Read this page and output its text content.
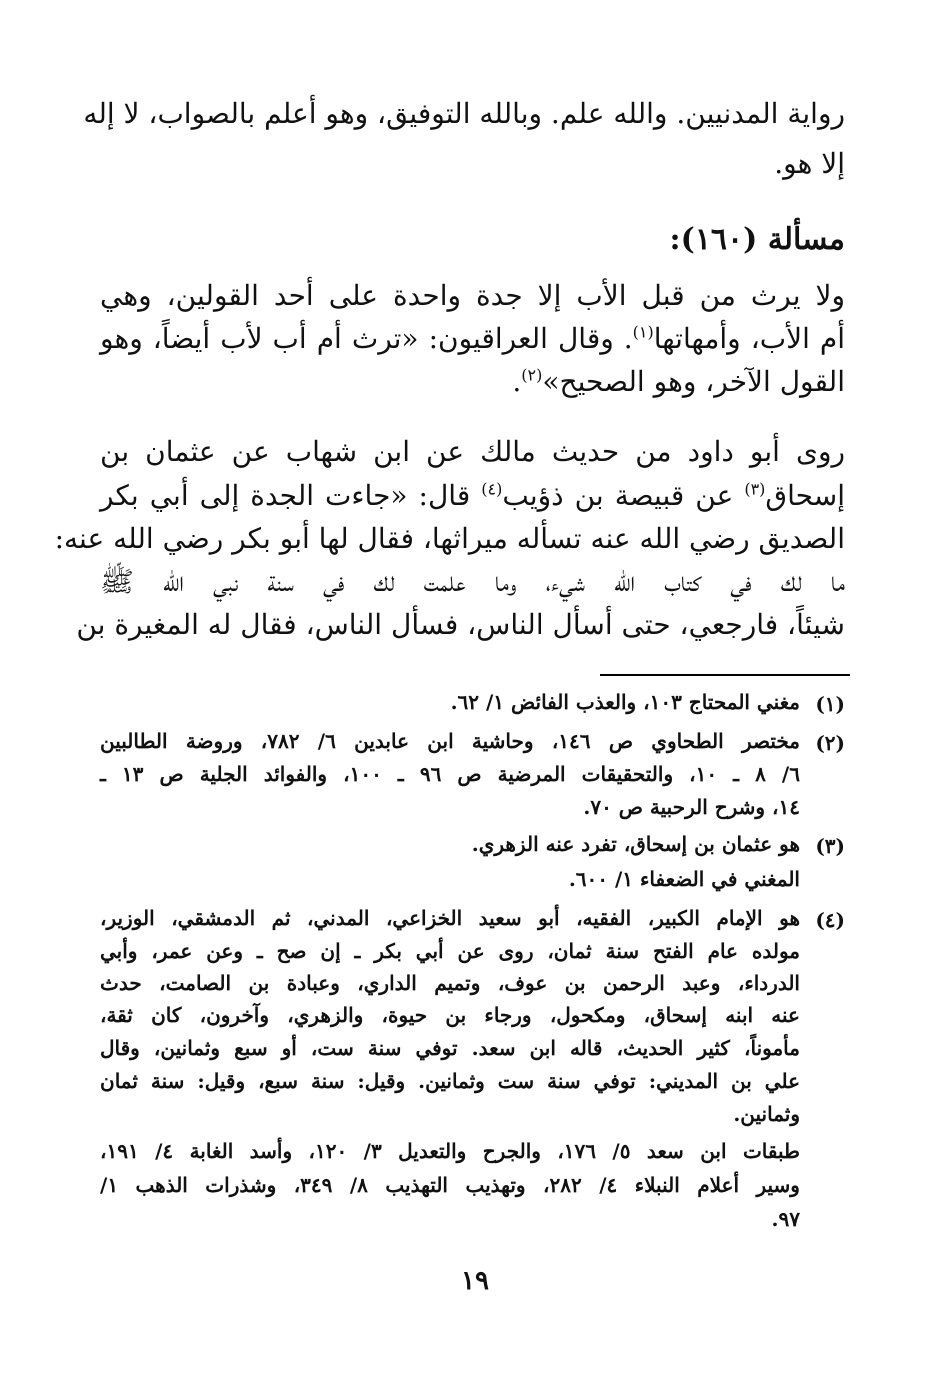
رواية المدنيين. والله علم. وبالله التوفيق، وهو أعلم بالصواب، لا إله
إلا هو.
مسألة (١٦٠):
ولا يرث من قبل الأب إلا جدة واحدة على أحد القولين، وهي
أم الأب، وأمهاتها$^{(١)}$. وقال العراقيون: «ترث أم أب لأب أيضاً، وهو
القول الآخر، وهو الصحيح»$^{(٢)}$.
روى أبو داود من حديث مالك عن ابن شهاب عن عثمان بن
إسحاق$^{(٣)}$ عن قبيصة بن ذؤيب$^{(٤)}$ قال: «جاءت الجدة إلى أبي بكر
الصديق رضي الله عنه تسأله ميراثها، فقال لها أبو بكر رضي الله عنه:
ما لك في كتاب الله شيء، وما علمت لك في سنة نبي الله ﷺ
شيئاً، فارجعي، حتى أسأل الناس، فسأل الناس، فقال له المغيرة بن
(١)
مغني المحتاج ١٠٣، والعذب الفائض ١/ ٦٢.
(٢)
مختصر الطحاوي ص ١٤٦، وحاشية ابن عابدين ٦/ ٧٨٢، وروضة الطالبين
٦/ ٨ ـ ١٠، والتحقيقات المرضية ص ٩٦ ـ ١٠٠، والفوائد الجلية ص ١٣ ـ
١٤، وشرح الرحبية ص ٧٠.
(٣)
هو عثمان بن إسحاق، تفرد عنه الزهري.
المغني في الضعفاء ١/ ٦٠٠.
(٤)
هو الإمام الكبير، الفقيه، أبو سعيد الخزاعي، المدني، ثم الدمشقي، الوزير،
مولده عام الفتح سنة ثمان، روى عن أبي بكر ـ إن صح ـ وعن عمر، وأبي
الدرداء، وعبد الرحمن بن عوف، وتميم الداري، وعبادة بن الصامت، حدث
عنه ابنه إسحاق، ومكحول، ورجاء بن حيوة، والزهري، وآخرون، كان ثقة،
مأموناً، كثير الحديث، قاله ابن سعد. توفي سنة ست، أو سبع وثمانين، وقال
علي بن المديني: توفي سنة ست وثمانين. وقيل: سنة سبع، وقيل: سنة ثمان
وثمانين.
طبقات ابن سعد ٥/ ١٧٦، والجرح والتعديل ٣/ ١٢٠، وأسد الغابة ٤/ ١٩١،
وسير أعلام النبلاء ٤/ ٢٨٢، وتهذيب التهذيب ٨/ ٣٤٩، وشذرات الذهب ١/
٩٧.
١٩
